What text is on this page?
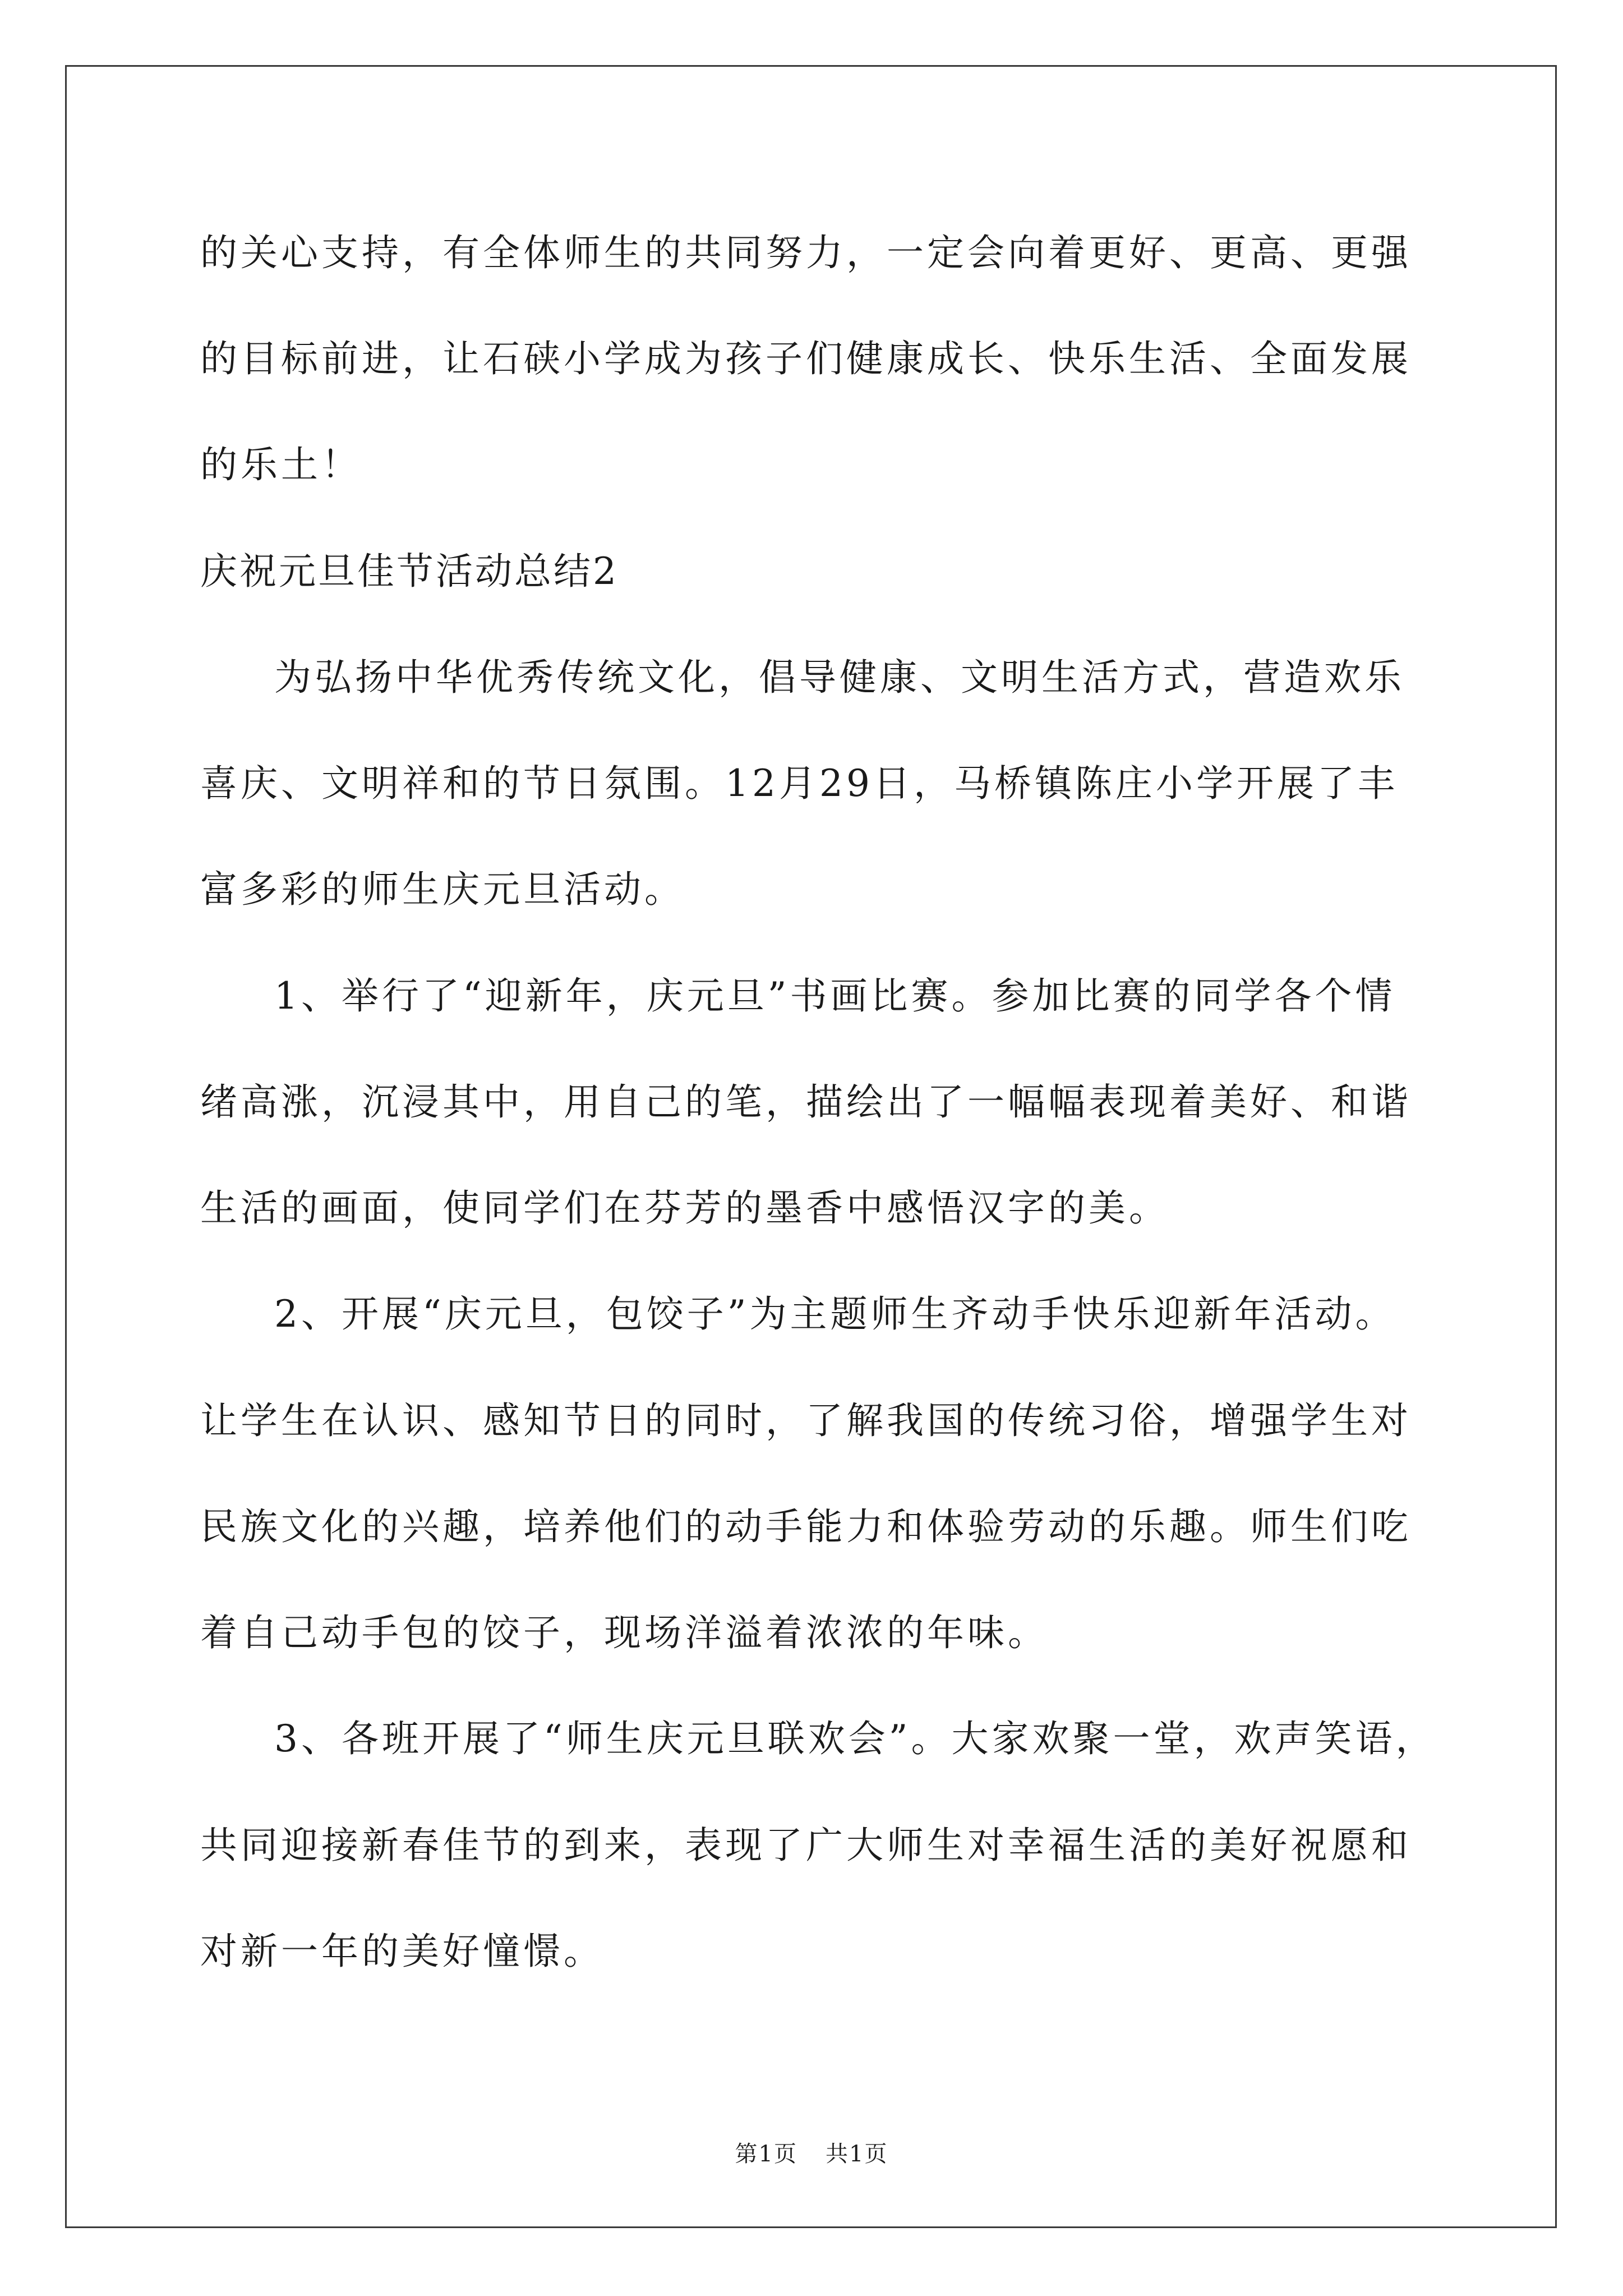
的关心支持，有全体师生的共同努力，一定会向着更好、更高、更强
的目标前进，让石硖小学成为孩子们健康成长、快乐生活、全面发展
的乐土！
庆祝元旦佳节活动总结2
为弘扬中华优秀传统文化，倡导健康、文明生活方式，营造欢乐
喜庆、文明祥和的节日氛围。12月29日，马桥镇陈庄小学开展了丰
富多彩的师生庆元旦活动。
1、举行了“迎新年，庆元旦”书画比赛。参加比赛的同学各个情
绪高涨，沉浸其中，用自己的笔，描绘出了一幅幅表现着美好、和谐
生活的画面，使同学们在芬芳的墨香中感悟汉字的美。
2、开展“庆元旦，包饺子”为主题师生齐动手快乐迎新年活动。
让学生在认识、感知节日的同时，了解我国的传统习俗，增强学生对
民族文化的兴趣，培养他们的动手能力和体验劳动的乐趣。师生们吃
着自己动手包的饺子，现场洋溢着浓浓的年味。
3、各班开展了“师生庆元旦联欢会”。大家欢聚一堂，欢声笑语，
共同迎接新春佳节的到来，表现了广大师生对幸福生活的美好祝愿和
对新一年的美好憧憬。
第1页 共1页
